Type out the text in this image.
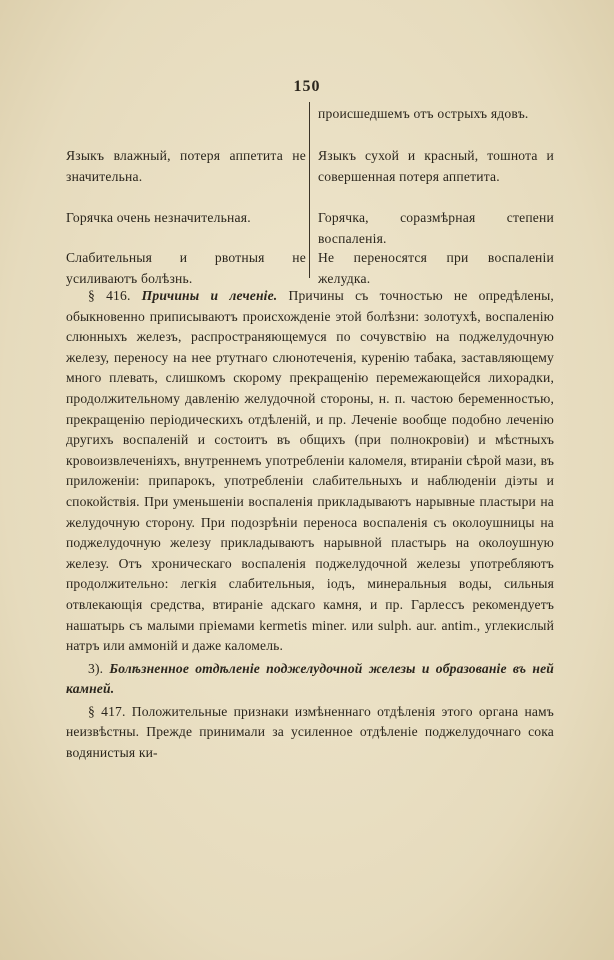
150
Языкъ влажный, потеря аппетита не значительна.
Горячка очень незначительная.
Слабительныя и рвотныя не усиливаютъ болѣзнь.
происшедшемъ отъ острыхъ ядовъ.
Языкъ сухой и красный, тошнота и совершенная потеря аппетита.
Горячка, соразмѣрная степени воспаленія.
Не переносятся при воспаленіи желудка.

§ 416. Причины и леченіе. Причины съ точностью не опредѣлены, обыкновенно приписываютъ происхожденіе этой болѣзни: золотухѣ, воспаленію слюнныхъ железъ, распространяющемуся по сочувствію на поджелудочную железу, переносу на нее ртутнаго слюнотеченія, куренію табака, заставляющему много плевать, слишкомъ скорому прекращенію перемежающейся лихорадки, продолжительному давленію желудочной стороны, н. п. частою беременностью, прекращенію періодическихъ отдѣленій, и пр. Леченіе вообще подобно леченію другихъ воспаленій и состоитъ въ общихъ (при полнокровіи) и мѣстныхъ кровоизвлеченіяхъ, внутреннемъ употребленіи каломеля, втираніи сѣрой мази, въ приложеніи: припарокъ, употребленіи слабительныхъ и наблюденіи діэты и спокойствія. При уменьшеніи воспаленія прикладываютъ нарывные пластыри на желудочную сторону. При подозрѣніи переноса воспаленія съ околоушницы на поджелудочную железу прикладываютъ нарывной пластырь на околоушную железу. Отъ хроническаго воспаленія поджелудочной железы употребляютъ продолжительно: легкія слабительныя, іодъ, минеральныя воды, сильныя отвлекающія средства, втираніе адскаго камня, и пр. Гарлессъ рекомендуетъ нашатырь съ малыми пріемами kermetis miner. или sulph. aur. antim., углекислый натръ или аммоній и даже каломель.

3). Болѣзненное отдѣленіе поджелудочной железы и образованіе въ ней камней.

§ 417. Положительные признаки измѣненнаго отдѣленія этого органа намъ неизвѣстны. Прежде принимали за усиленное отдѣленіе поджелудочнаго сока водянистыя ки-
